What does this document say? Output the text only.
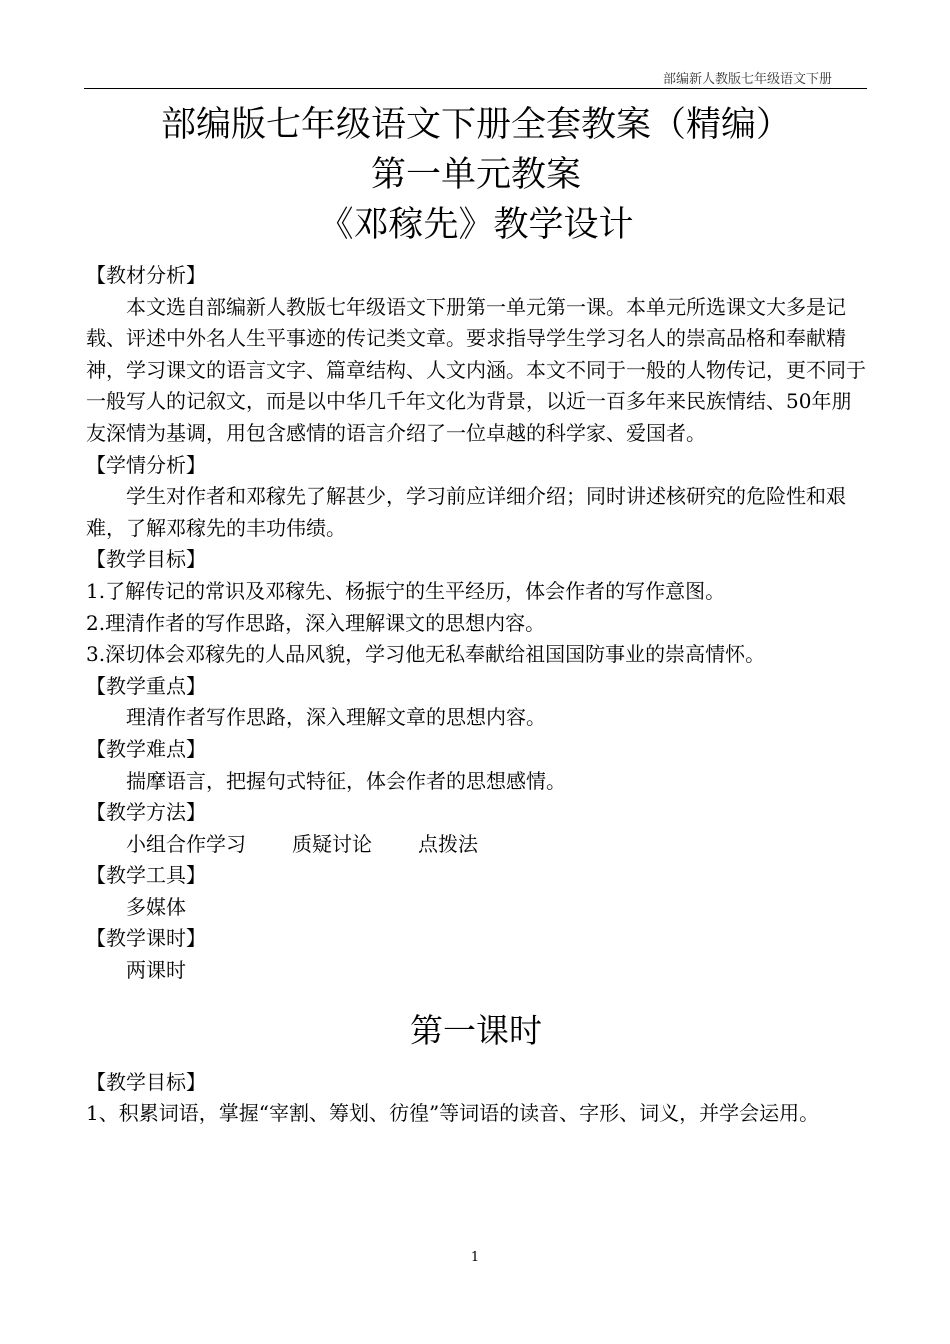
部编新人教版七年级语文下册
部编版七年级语文下册全套教案（精编）
第一单元教案
《邓稼先》教学设计

【教材分析】

本文选自部编新人教版七年级语文下册第一单元第一课。本单元所选课文大多是记载、评述中外名人生平事迹的传记类文章。要求指导学生学习名人的崇高品格和奉献精神，学习课文的语言文字、篇章结构、人文内涵。本文不同于一般的人物传记，更不同于一般写人的记叙文，而是以中华几千年文化为背景，以近一百多年来民族情结、50年朋友深情为基调，用包含感情的语言介绍了一位卓越的科学家、爱国者。

【学情分析】

学生对作者和邓稼先了解甚少，学习前应详细介绍；同时讲述核研究的危险性和艰难，了解邓稼先的丰功伟绩。

【教学目标】

1.了解传记的常识及邓稼先、杨振宁的生平经历，体会作者的写作意图。

2.理清作者的写作思路，深入理解课文的思想内容。

3.深切体会邓稼先的人品风貌，学习他无私奉献给祖国国防事业的崇高情怀。

【教学重点】

理清作者写作思路，深入理解文章的思想内容。

【教学难点】

揣摩语言，把握句式特征，体会作者的思想感情。

【教学方法】

小组合作学习 质疑讨论 点拨法

【教学工具】

多媒体

【教学课时】

两课时

第一课时

【教学目标】

1、积累词语，掌握“宰割、筹划、彷徨”等词语的读音、字形、词义，并学会运用。

1
